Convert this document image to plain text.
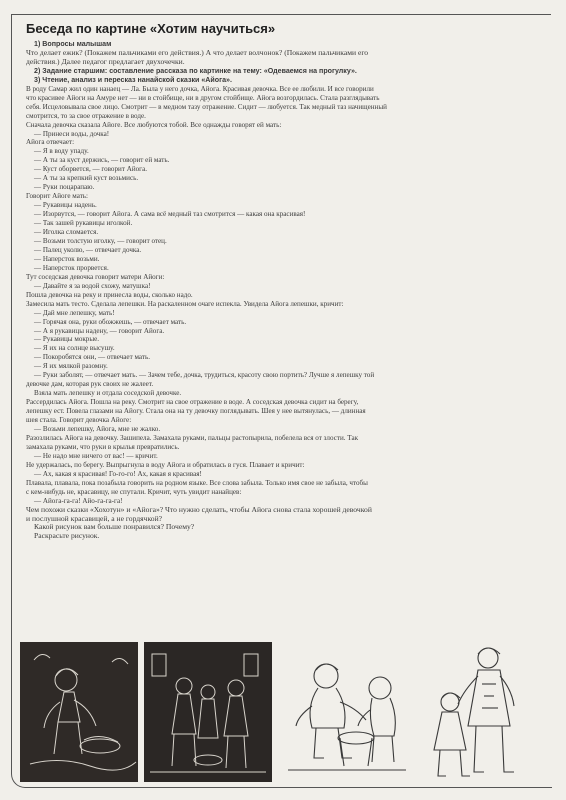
Беседа по картине «Хотим научиться»

1) Вопросы малышам

Что делает ежик? (Покажем пальчиками его действия.) А что делает волчонок? (Покажем пальчиками его

действия.) Далее педагог предлагает двухочечки.

2) Задание старшим: составление рассказа по картинке на тему: «Одеваемся на прогулку».

3) Чтение, анализ и пересказ нанайской сказки «Айога».

В роду Самар жил один нанаец — Ла. Была у него дочка, Айога. Красивая девочка. Все ее любили. И все говорили

что красивее Айоги на Амуре нет — ни в стойбище, ни в другом стойбище. Айога возгордилась. Стала разглядывать

себя. Исцеловывала свое лицо. Смотрит — в медном тазу отражение. Сидит — любуется. Так медный таз начищенный

смотрится, то за свое отражение в воде.

Сначала девочка сказала Айоге. Все любуются тобой. Все однажды говорят ей мать:

— Принеси воды, дочка!

Айога отвечает:

— Я в воду упаду.

— А ты за куст держись, — говорит ей мать.

— Куст оборвется, — говорит Айога.

— А ты за крепкий куст возьмись.

— Руки поцарапаю.

Говорит Айоге мать:

— Рукавицы надень.

— Изорвутся, — говорит Айога. А сама всё медный таз смотрится — какая она красивая!

— Так зашей рукавицы иголкой.

— Иголка сломается.

— Возьми толстую иголку, — говорит отец.

— Палец уколю, — отвечает дочка.

— Наперсток возьми.

— Наперсток прорвется.

Тут соседская девочка говорит матери Айоги:

— Давайте я за водой схожу, матушка!

Пошла девочка на реку и принесла воды, сколько надо.

Замесила мать тесто. Сделала лепешки. На раскаленном очаге испекла. Увидела Айога лепешки, кричит:

— Дай мне лепешку, мать!

— Горячая она, руки обожжешь, — отвечает мать.

— А я рукавицы надену, — говорит Айога.

— Рукавицы мокрые.

— Я их на солнце высушу.

— Покоробятся они, — отвечает мать.

— Я их мялкой разомну.

— Руки заболят, — отвечает мать. — Зачем тебе, дочка, трудиться, красоту свою портить? Лучше я лепешку той

девочке дам, которая рук своих не жалеет.

Взяла мать лепешку и отдала соседской девочке.

Рассердилась Айога. Пошла на реку. Смотрит на свое отражение в воде. А соседская девочка сидит на берегу,

лепешку ест. Повела глазами на Айогу. Стала она на ту девочку поглядывать. Шея у нее вытянулась, — длинная

шея стала. Говорит девочка Айоге:

— Возьми лепешку, Айога, мне не жалко.

Разозлилась Айога на девочку. Зашипела. Замахала руками, пальцы растопырила, побелела вся от злости. Так

замахала руками, что руки в крылья превратились.

— Не надо мне ничего от вас! — кричит.

Не удержалась, по берегу. Выпрыгнула в воду Айога и обратилась в гуся. Плавает и кричит:

— Ах, какая я красивая! Го-го-го! Ах, какая я красивая!

Плавала, плавала, пока позабыла говорить на родном языке. Все слова забыла. Только имя свое не забыла, чтобы

с кем-нибудь не, красавицу, не спутали. Кричит, чуть увидит нанайцев:

— Айога-га-га! Айо-га-га-га!

Чем похожи сказки «Хохотун» и «Айога»? Что нужно сделать, чтобы Айога снова стала хорошей девочкой

и послушной красавицей, а не гордячкой?

Какой рисунок вам больше понравился? Почему?

Раскрасьте рисунок.
